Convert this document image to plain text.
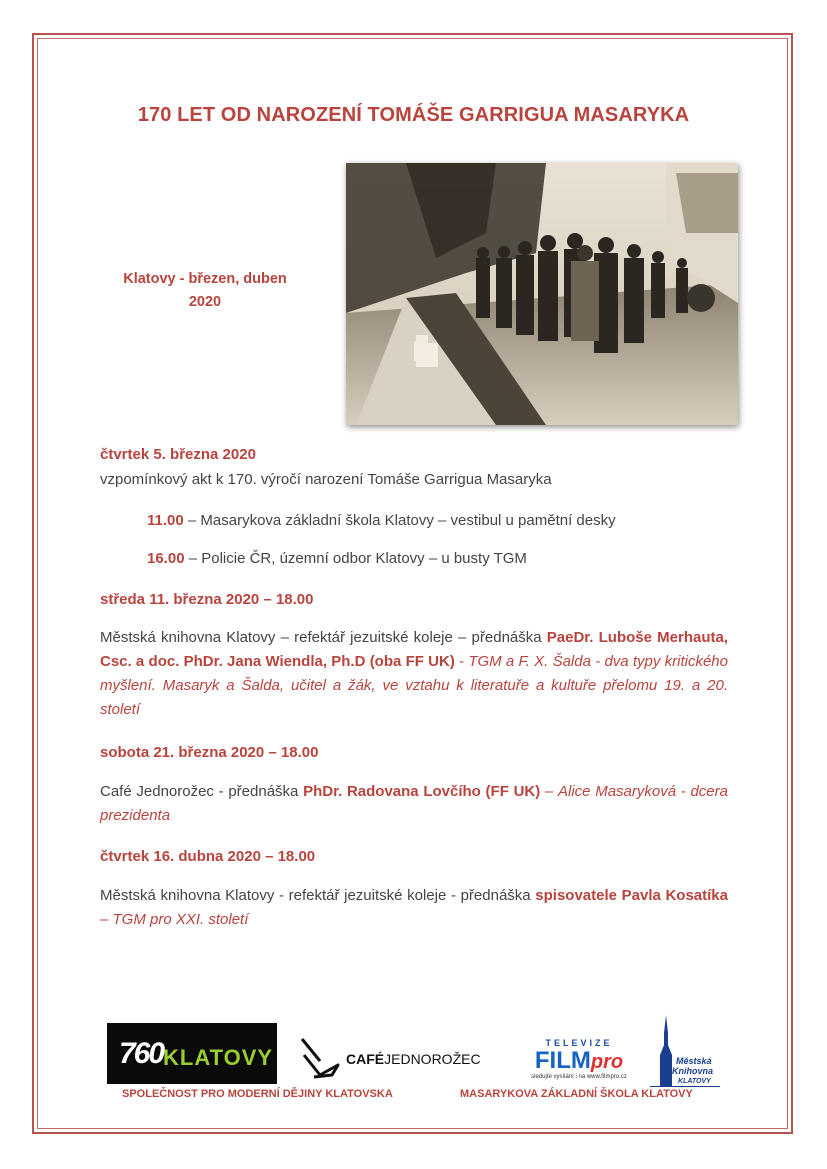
170 LET OD NAROZENÍ TOMÁŠE GARRIGUA MASARYKA
Klatovy - březen, duben
2020
čtvrtek 5. března 2020
vzpomínkový akt k 170. výročí narození Tomáše Garrigua Masaryka
11.00 – Masarykova základní škola Klatovy – vestibul u pamětní desky
16.00 – Policie ČR, územní odbor Klatovy – u busty TGM
středa 11. března 2020 – 18.00
Městská knihovna Klatovy – refektář jezuitské koleje – přednáška PaeDr. Luboše Merhauta, Csc. a doc. PhDr. Jana Wiendla, Ph.D (oba FF UK) - TGM a F. X. Šalda - dva typy kritického myšlení. Masaryk a Šalda, učitel a žák, ve vztahu k literatuře a kultuře přelomu 19. a 20. století
sobota 21. března 2020 – 18.00
Café Jednorožec - přednáška PhDr. Radovana Lovčího (FF UK) – Alice Masaryková - dcera prezidenta
čtvrtek 16. dubna 2020 – 18.00
Městská knihovna Klatovy - refektář jezuitské koleje - přednáška spisovatele Pavla Kosatíka – TGM pro XXI. století
760 KLATOVY	CAFÉJEDNOROŽEC
TELEVIZE
FILMpro
sledujte vysílání i na www.filmpro.cz
Městská
Knihovna
KLATOVY
SPOLEČNOST PRO MODERNÍ DĚJINY KLATOVSKA	MASARYKOVA ZÁKLADNÍ ŠKOLA KLATOVY
